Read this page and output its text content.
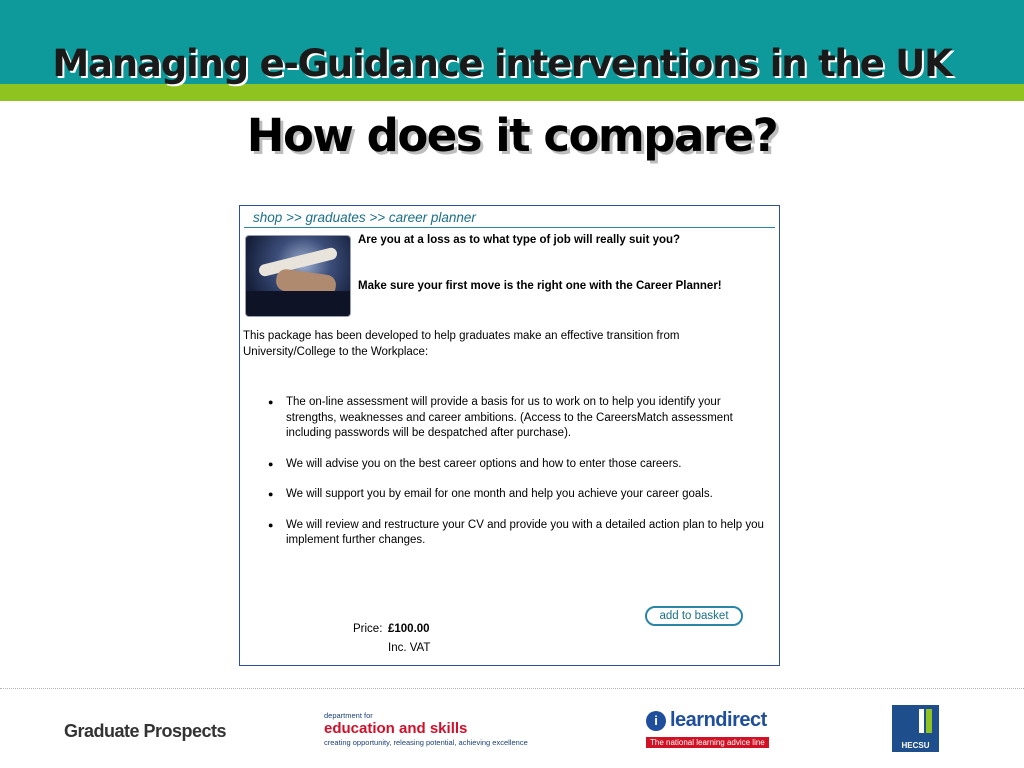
Managing e-Guidance interventions in the UK
How does it compare?
shop >> graduates >> career planner
Are you at a loss as to what type of job will really suit you?
Make sure your first move is the right one with the Career Planner!
This package has been developed to help graduates make an effective transition from University/College to the Workplace:
● The on-line assessment will provide a basis for us to work on to help you identify your strengths, weaknesses and career ambitions. (Access to the CareersMatch assessment including passwords will be despatched after purchase).
● We will advise you on the best career options and how to enter those careers.
● We will support you by email for one month and help you achieve your career goals.
● We will review and restructure your CV and provide you with a detailed action plan to help you implement further changes.
add to basket
Price: £100.00
Inc. VAT
Graduate Prospects
department for
education and skills
creating opportunity, releasing potential, achieving excellence
i learndirect
The national learning advice line	HECSU
